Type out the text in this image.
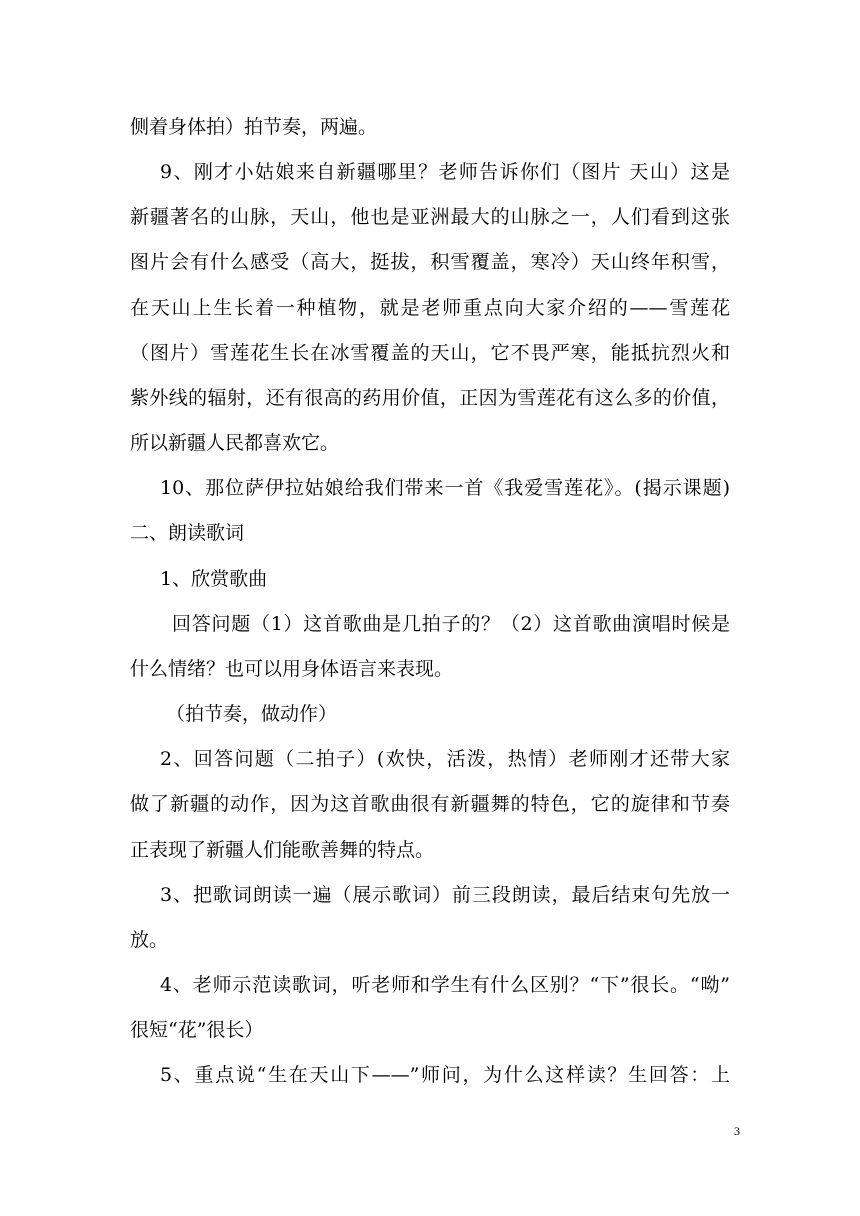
侧着身体拍）拍节奏，两遍。
9、刚才小姑娘来自新疆哪里？老师告诉你们（图片 天山）这是
新疆著名的山脉，天山，他也是亚洲最大的山脉之一，人们看到这张
图片会有什么感受（高大，挺拔，积雪覆盖，寒冷）天山终年积雪，
在天山上生长着一种植物，就是老师重点向大家介绍的——雪莲花
（图片）雪莲花生长在冰雪覆盖的天山，它不畏严寒，能抵抗烈火和
紫外线的辐射，还有很高的药用价值，正因为雪莲花有这么多的价值，
所以新疆人民都喜欢它。
10、那位萨伊拉姑娘给我们带来一首《我爱雪莲花》。(揭示课题)
二、朗读歌词
1、欣赏歌曲
回答问题（1）这首歌曲是几拍子的？（2）这首歌曲演唱时候是
什么情绪？也可以用身体语言来表现。
（拍节奏，做动作）
2、回答问题（二拍子）(欢快，活泼，热情）老师刚才还带大家
做了新疆的动作，因为这首歌曲很有新疆舞的特色，它的旋律和节奏
正表现了新疆人们能歌善舞的特点。
3、把歌词朗读一遍（展示歌词）前三段朗读，最后结束句先放一
放。
4、老师示范读歌词，听老师和学生有什么区别？“下”很长。“呦”
很短“花”很长）
5、重点说“生在天山下——”师问，为什么这样读？生回答：上
3
